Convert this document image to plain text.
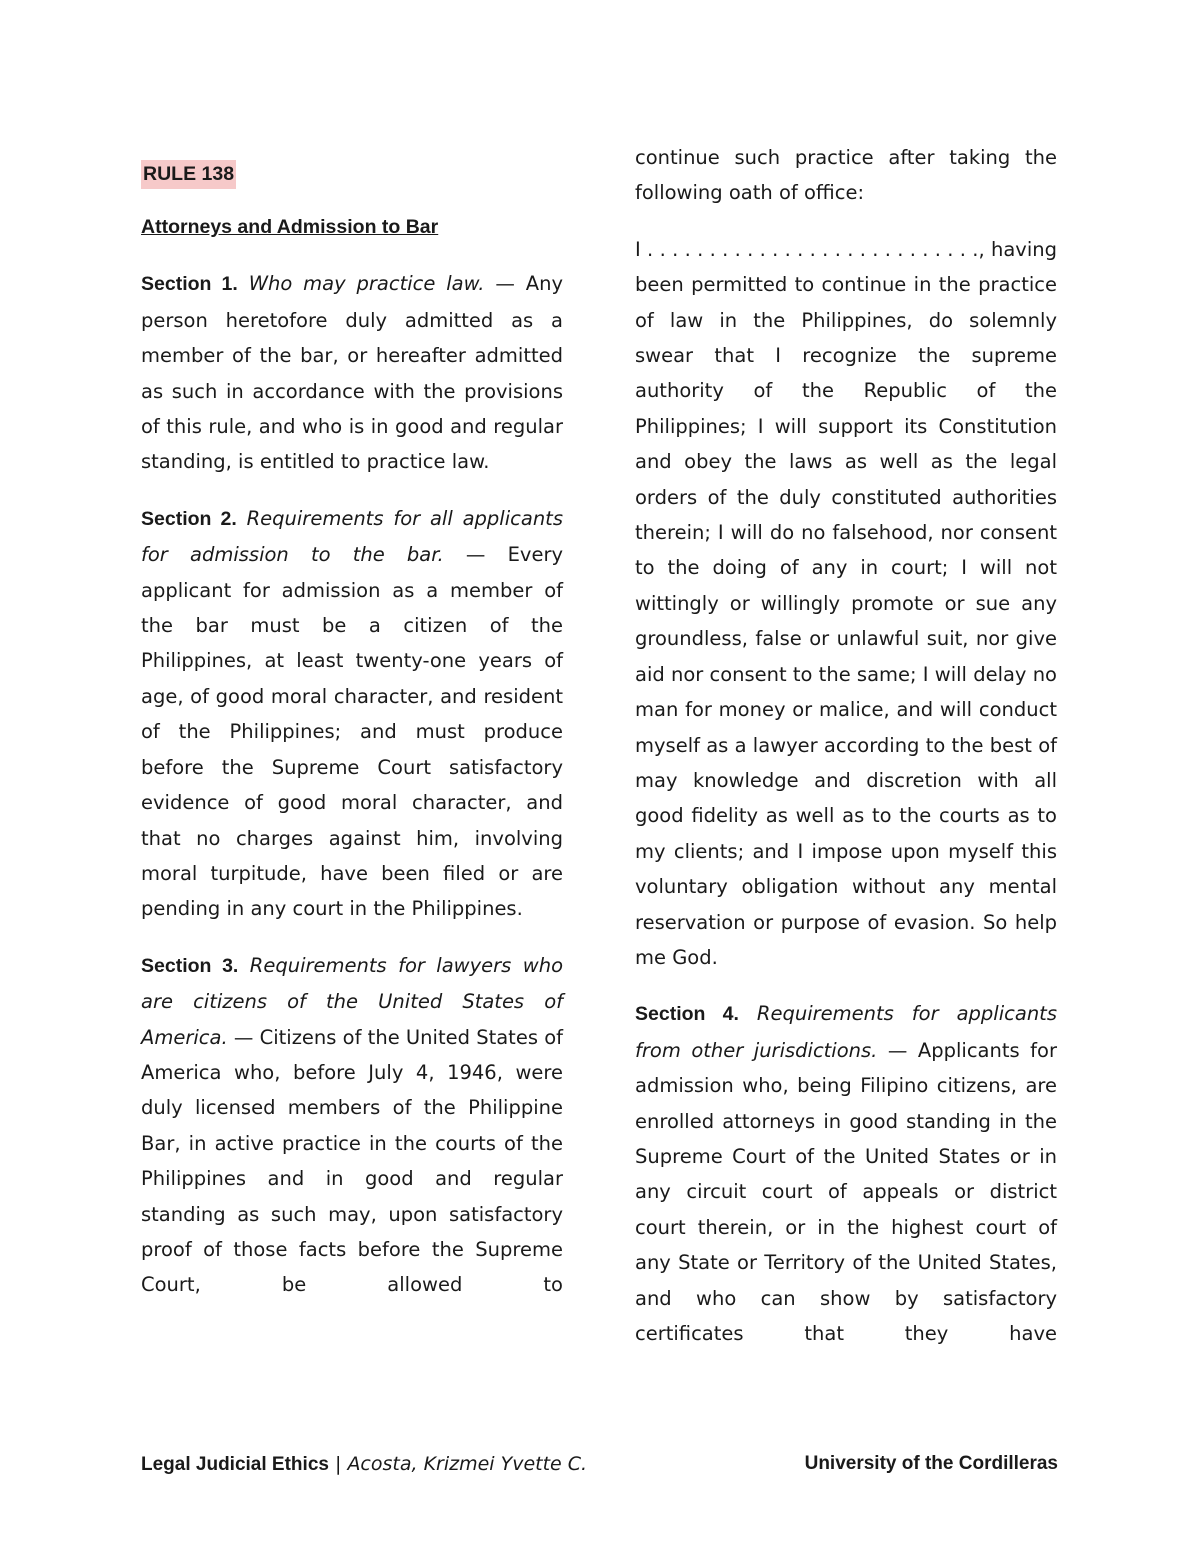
RULE 138

Attorneys and Admission to Bar

Section 1. Who may practice law. — Any person heretofore duly admitted as a member of the bar, or hereafter admitted as such in accordance with the provisions of this rule, and who is in good and regular standing, is entitled to practice law.

Section 2. Requirements for all applicants for admission to the bar. — Every applicant for admission as a member of the bar must be a citizen of the Philippines, at least twenty-one years of age, of good moral character, and resident of the Philippines; and must produce before the Supreme Court satisfactory evidence of good moral character, and that no charges against him, involving moral turpitude, have been filed or are pending in any court in the Philippines.

Section 3. Requirements for lawyers who are citizens of the United States of America. — Citizens of the United States of America who, before July 4, 1946, were duly licensed members of the Philippine Bar, in active practice in the courts of the Philippines and in good and regular standing as such may, upon satisfactory proof of those facts before the Supreme Court, be allowed to

continue such practice after taking the following oath of office:

I . . . . . . . . . . . . . . . . . . . . . . . . . . ., having been permitted to continue in the practice of law in the Philippines, do solemnly swear that I recognize the supreme authority of the Republic of the Philippines; I will support its Constitution and obey the laws as well as the legal orders of the duly constituted authorities therein; I will do no falsehood, nor consent to the doing of any in court; I will not wittingly or willingly promote or sue any groundless, false or unlawful suit, nor give aid nor consent to the same; I will delay no man for money or malice, and will conduct myself as a lawyer according to the best of may knowledge and discretion with all good fidelity as well as to the courts as to my clients; and I impose upon myself this voluntary obligation without any mental reservation or purpose of evasion. So help me God.

Section 4. Requirements for applicants from other jurisdictions. — Applicants for admission who, being Filipino citizens, are enrolled attorneys in good standing in the Supreme Court of the United States or in any circuit court of appeals or district court therein, or in the highest court of any State or Territory of the United States, and who can show by satisfactory certificates that they have

Legal Judicial Ethics | Acosta, Krizmei Yvette C.	University of the Cordilleras
